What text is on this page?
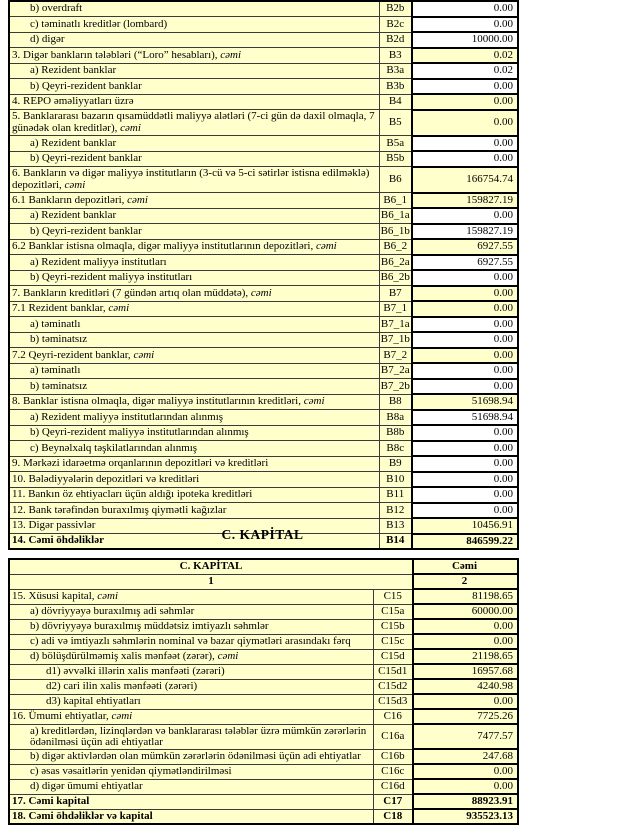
b) overdraft	B2b	0.00
c) təminatlı kreditlər (lombard)	B2c	0.00
d) digər	B2d	10000.00
3. Digər bankların tələbləri (“Loro” hesabları), cəmi	B3	0.02
a) Rezident banklar	B3a	0.02
b) Qeyri-rezident banklar	B3b	0.00
4. REPO əməliyyatları üzrə	B4	0.00
5. Banklararası bazarın qısamüddətli maliyyə alətləri (7-ci gün də daxil olmaqla, 7 günədək olan kreditlər), cəmi	B5	0.00
a) Rezident banklar	B5a	0.00
b) Qeyri-rezident banklar	B5b	0.00
6. Bankların və digər maliyyə institutların (3-cü və 5-ci sətirlər istisna edilməklə) depozitləri, cəmi	B6	166754.74
6.1 Bankların depozitləri, cəmi	B6_1	159827.19
a) Rezident banklar	B6_1a	0.00
b) Qeyri-rezident banklar	B6_1b	159827.19
6.2 Banklar istisna olmaqla, digər maliyyə institutlarının depozitləri, cəmi	B6_2	6927.55
a) Rezident maliyyə institutları	B6_2a	6927.55
b) Qeyri-rezident maliyyə institutları	B6_2b	0.00
7. Bankların kreditləri (7 gündən artıq olan müddətə), cəmi	B7	0.00
7.1 Rezident banklar, cəmi	B7_1	0.00
a) təminatlı	B7_1a	0.00
b) təminatsız	B7_1b	0.00
7.2 Qeyri-rezident banklar, cəmi	B7_2	0.00
a) təminatlı	B7_2a	0.00
b) təminatsız	B7_2b	0.00
8. Banklar istisna olmaqla, digər maliyyə institutlarının kreditləri, cəmi	B8	51698.94
a) Rezident maliyyə institutlarından alınmış	B8a	51698.94
b) Qeyri-rezident maliyyə institutlarından alınmış	B8b	0.00
c) Beynəlxalq təşkilatlarından alınmış	B8c	0.00
9. Mərkəzi idarəetmə orqanlarının depozitləri və kreditləri	B9	0.00
10. Bələdiyyələrin depozitləri və kreditləri	B10	0.00
11. Bankın öz ehtiyacları üçün aldığı ipoteka kreditləri	B11	0.00
12. Bank tərəfindən buraxılmış qiymətli kağızlar	B12	0.00
13. Digər passivlər	B13	10456.91
14. Cəmi öhdəliklər	B14	846599.22
C. KAPİTAL
C. KAPİTAL		Cəmi
1		2
15. Xüsusi kapital, cəmi	C15	81198.65
a) dövriyyəyə buraxılmış adi səhmlər	C15a	60000.00
b) dövriyyəyə buraxılmış müddətsiz imtiyazlı səhmlər	C15b	0.00
c) adi və imtiyazlı səhmlərin nominal və bazar qiymətləri arasındakı fərq	C15c	0.00
d) bölüşdürülməmiş xalis mənfəət (zərər), cəmi	C15d	21198.65
d1) əvvəlki illərin xalis mənfəəti (zərəri)	C15d1	16957.68
d2) cari ilin xalis mənfəəti (zərəri)	C15d2	4240.98
d3) kapital ehtiyatları	C15d3	0.00
16. Ümumi ehtiyatlar, cəmi	C16	7725.26
a) kreditlərdən, lizinqlərdən və banklararası tələblər üzrə mümkün zərərlərin ödənilməsi üçün adi ehtiyatlar	C16a	7477.57
b) digər aktivlərdən olan mümkün zərərlərin ödənilməsi üçün adi ehtiyatlar	C16b	247.68
c) əsas vəsaitlərin yenidən qiymətləndirilməsi	C16c	0.00
d) digər ümumi ehtiyatlar	C16d	0.00
17. Cəmi kapital	C17	88923.91
18. Cəmi öhdəliklər və kapital	C18	935523.13
